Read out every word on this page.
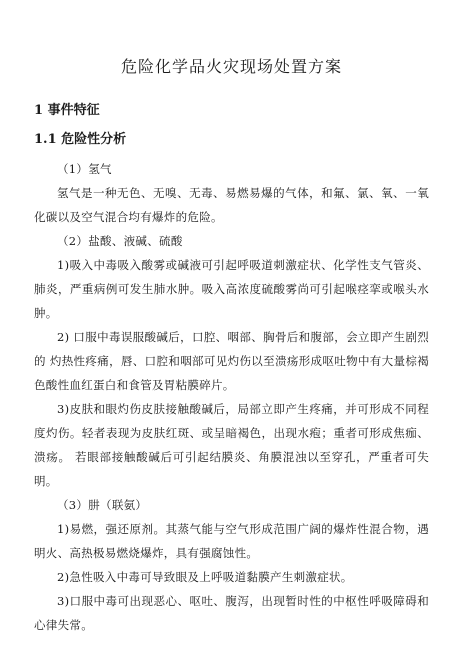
危险化学品火灾现场处置方案
1 事件特征
1.1 危险性分析

（1）氢气

氢气是一种无色、无嗅、无毒、易燃易爆的气体，和氟、氯、氧、一氧化碳以及空气混合均有爆炸的危险。

（2）盐酸、液碱、硫酸

1)吸入中毒吸入酸雾或碱液可引起呼吸道刺激症状、化学性支气管炎、肺炎，严重病例可发生肺水肿。吸入高浓度硫酸雾尚可引起喉痉挛或喉头水肿。

2) 口服中毒误服酸碱后，口腔、咽部、胸骨后和腹部，会立即产生剧烈的 灼热性疼痛，唇、口腔和咽部可见灼伤以至溃疡形成呕吐物中有大量棕褐色酸性血红蛋白和食管及胃粘膜碎片。

3)皮肤和眼灼伤皮肤接触酸碱后，局部立即产生疼痛，并可形成不同程度灼伤。轻者表现为皮肤红斑、或呈暗褐色，出现水疱；重者可形成焦痂、溃疡。 若眼部接触酸碱后可引起结膜炎、角膜混浊以至穿孔，严重者可失明。

（3）肼（联氨）

1)易燃，强还原剂。其蒸气能与空气形成范围广阔的爆炸性混合物，遇明火、高热极易燃烧爆炸，具有强腐蚀性。

2)急性吸入中毒可导致眼及上呼吸道黏膜产生刺激症状。

3)口服中毒可出现恶心、呕吐、腹泻，出现暂时性的中枢性呼吸障碍和心律失常。
